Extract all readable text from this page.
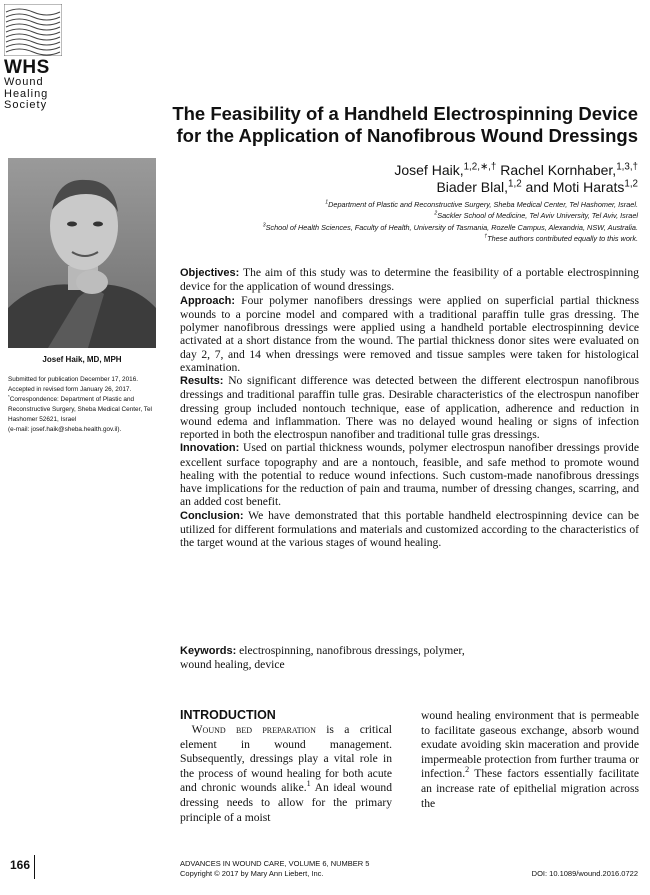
WHS
Wound
Healing
Society	The Feasibility of a Handheld Electrospinning Device
for the Application of Nanofibrous Wound Dressings
Josef Haik,$^{1,2,∗,\dagger}$ Rachel Kornhaber,$^{1,3,\dagger}$
Biader Blal,$^{1,2}$ and Moti Harats$^{1,2}$
$^1$Department of Plastic and Reconstructive Surgery, Sheba Medical Center, Tel Hashomer, Israel.
$^2$Sackler School of Medicine, Tel Aviv University, Tel Aviv, Israel
$^3$School of Health Sciences, Faculty of Health, University of Tasmania, Rozelle Campus, Alexandria, NSW, Australia.
†These authors contributed equally to this work.
Josef Haik, MD, MPH

Submitted for publication December 17, 2016. Accepted in revised form January 26, 2017.

*Correspondence: Department of Plastic and Reconstructive Surgery, Sheba Medical Center, Tel Hashomer 52621, Israel

(e-mail: josef.haik@sheba.health.gov.il).

Objectives: The aim of this study was to determine the feasibility of a portable electrospinning device for the application of wound dressings.

Approach: Four polymer nanofibers dressings were applied on superficial partial thickness wounds to a porcine model and compared with a traditional paraffin tulle gras dressing. The polymer nanofibrous dressings were applied using a handheld portable electrospinning device activated at a short distance from the wound. The partial thickness donor sites were evaluated on day 2, 7, and 14 when dressings were removed and tissue samples were taken for histological examination.

Results: No significant difference was detected between the different electrospun nanofibrous dressings and traditional paraffin tulle gras. Desirable characteristics of the electrospun nanofiber dressing group included nontouch technique, ease of application, adherence and reduction in wound edema and inflammation. There was no delayed wound healing or signs of infection reported in both the electrospun nanofiber and traditional tulle gras dressings.

Innovation: Used on partial thickness wounds, polymer electrospun nanofiber dressings provide excellent surface topography and are a nontouch, feasible, and safe method to promote wound healing with the potential to reduce wound infections. Such custom-made nanofibrous dressings have implications for the reduction of pain and trauma, number of dressing changes, scarring, and an added cost benefit.

Conclusion: We have demonstrated that this portable handheld electrospinning device can be utilized for different formulations and materials and customized according to the characteristics of the target wound at the various stages of wound healing.

Keywords: electrospinning, nanofibrous dressings, polymer,
wound healing, device
INTRODUCTION
 Wound bed preparation is a critical element in wound management. Subsequently, dressings play a vital role in the process of wound healing for both acute and chronic wounds alike.$^1$ An ideal wound dressing needs to allow for the primary principle of a moist
wound healing environment that is permeable to facilitate gaseous exchange, absorb wound exudate avoiding skin maceration and provide impermeable protection from further trauma or infection.$^2$ These factors essentially facilitate an increase rate of epithelial migration across the
166	ADVANCES IN WOUND CARE, VOLUME 6, NUMBER 5
Copyright © 2017 by Mary Ann Liebert, Inc.	DOI: 10.1089/wound.2016.0722
